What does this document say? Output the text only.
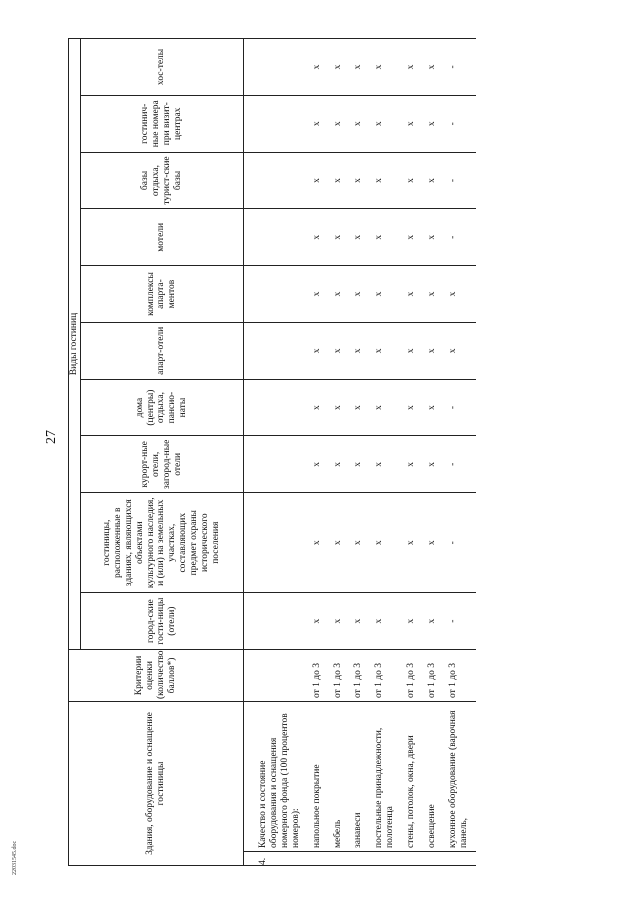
27
22031545.doc
Здания, оборудование и оснащение гостиницы		Критерии оценки (количество баллов*)	Виды гостиниц									
			город-ские гости-ницы (отели)	гостиницы, расположенные в зданиях, являющихся объектами культурного наследия, и (или) на земельных участках, составляющих предмет охраны исторического поселения	курорт-ные отели, загород-ные отели	дома (центры) отдыха, пансио-наты	апарт-отели	комплексы апарта-ментов	мотели	базы отдыха, турист-ские базы	гостинич-ные номера при визит-центрах	хос-телы
4.	Качество и состояние оборудования и оснащения номерного фонда (100 процентов номеров):											
	напольное покрытие	от 1 до 3	х	х	х	х	х	х	х	х	х	х
	мебель	от 1 до 3	х	х	х	х	х	х	х	х	х	х
	занавеси	от 1 до 3	х	х	х	х	х	х	х	х	х	х
	постельные принадлежности, полотенца	от 1 до 3	х	х	х	х	х	х	х	х	х	х
	стены, потолок, окна, двери	от 1 до 3	х	х	х	х	х	х	х	х	х	х
	освещение	от 1 до 3	х	х	х	х	х	х	х	х	х	х
	кухонное оборудование (варочная панель,	от 1 до 3	-	-	-	-	х	х	-	-	-	-
